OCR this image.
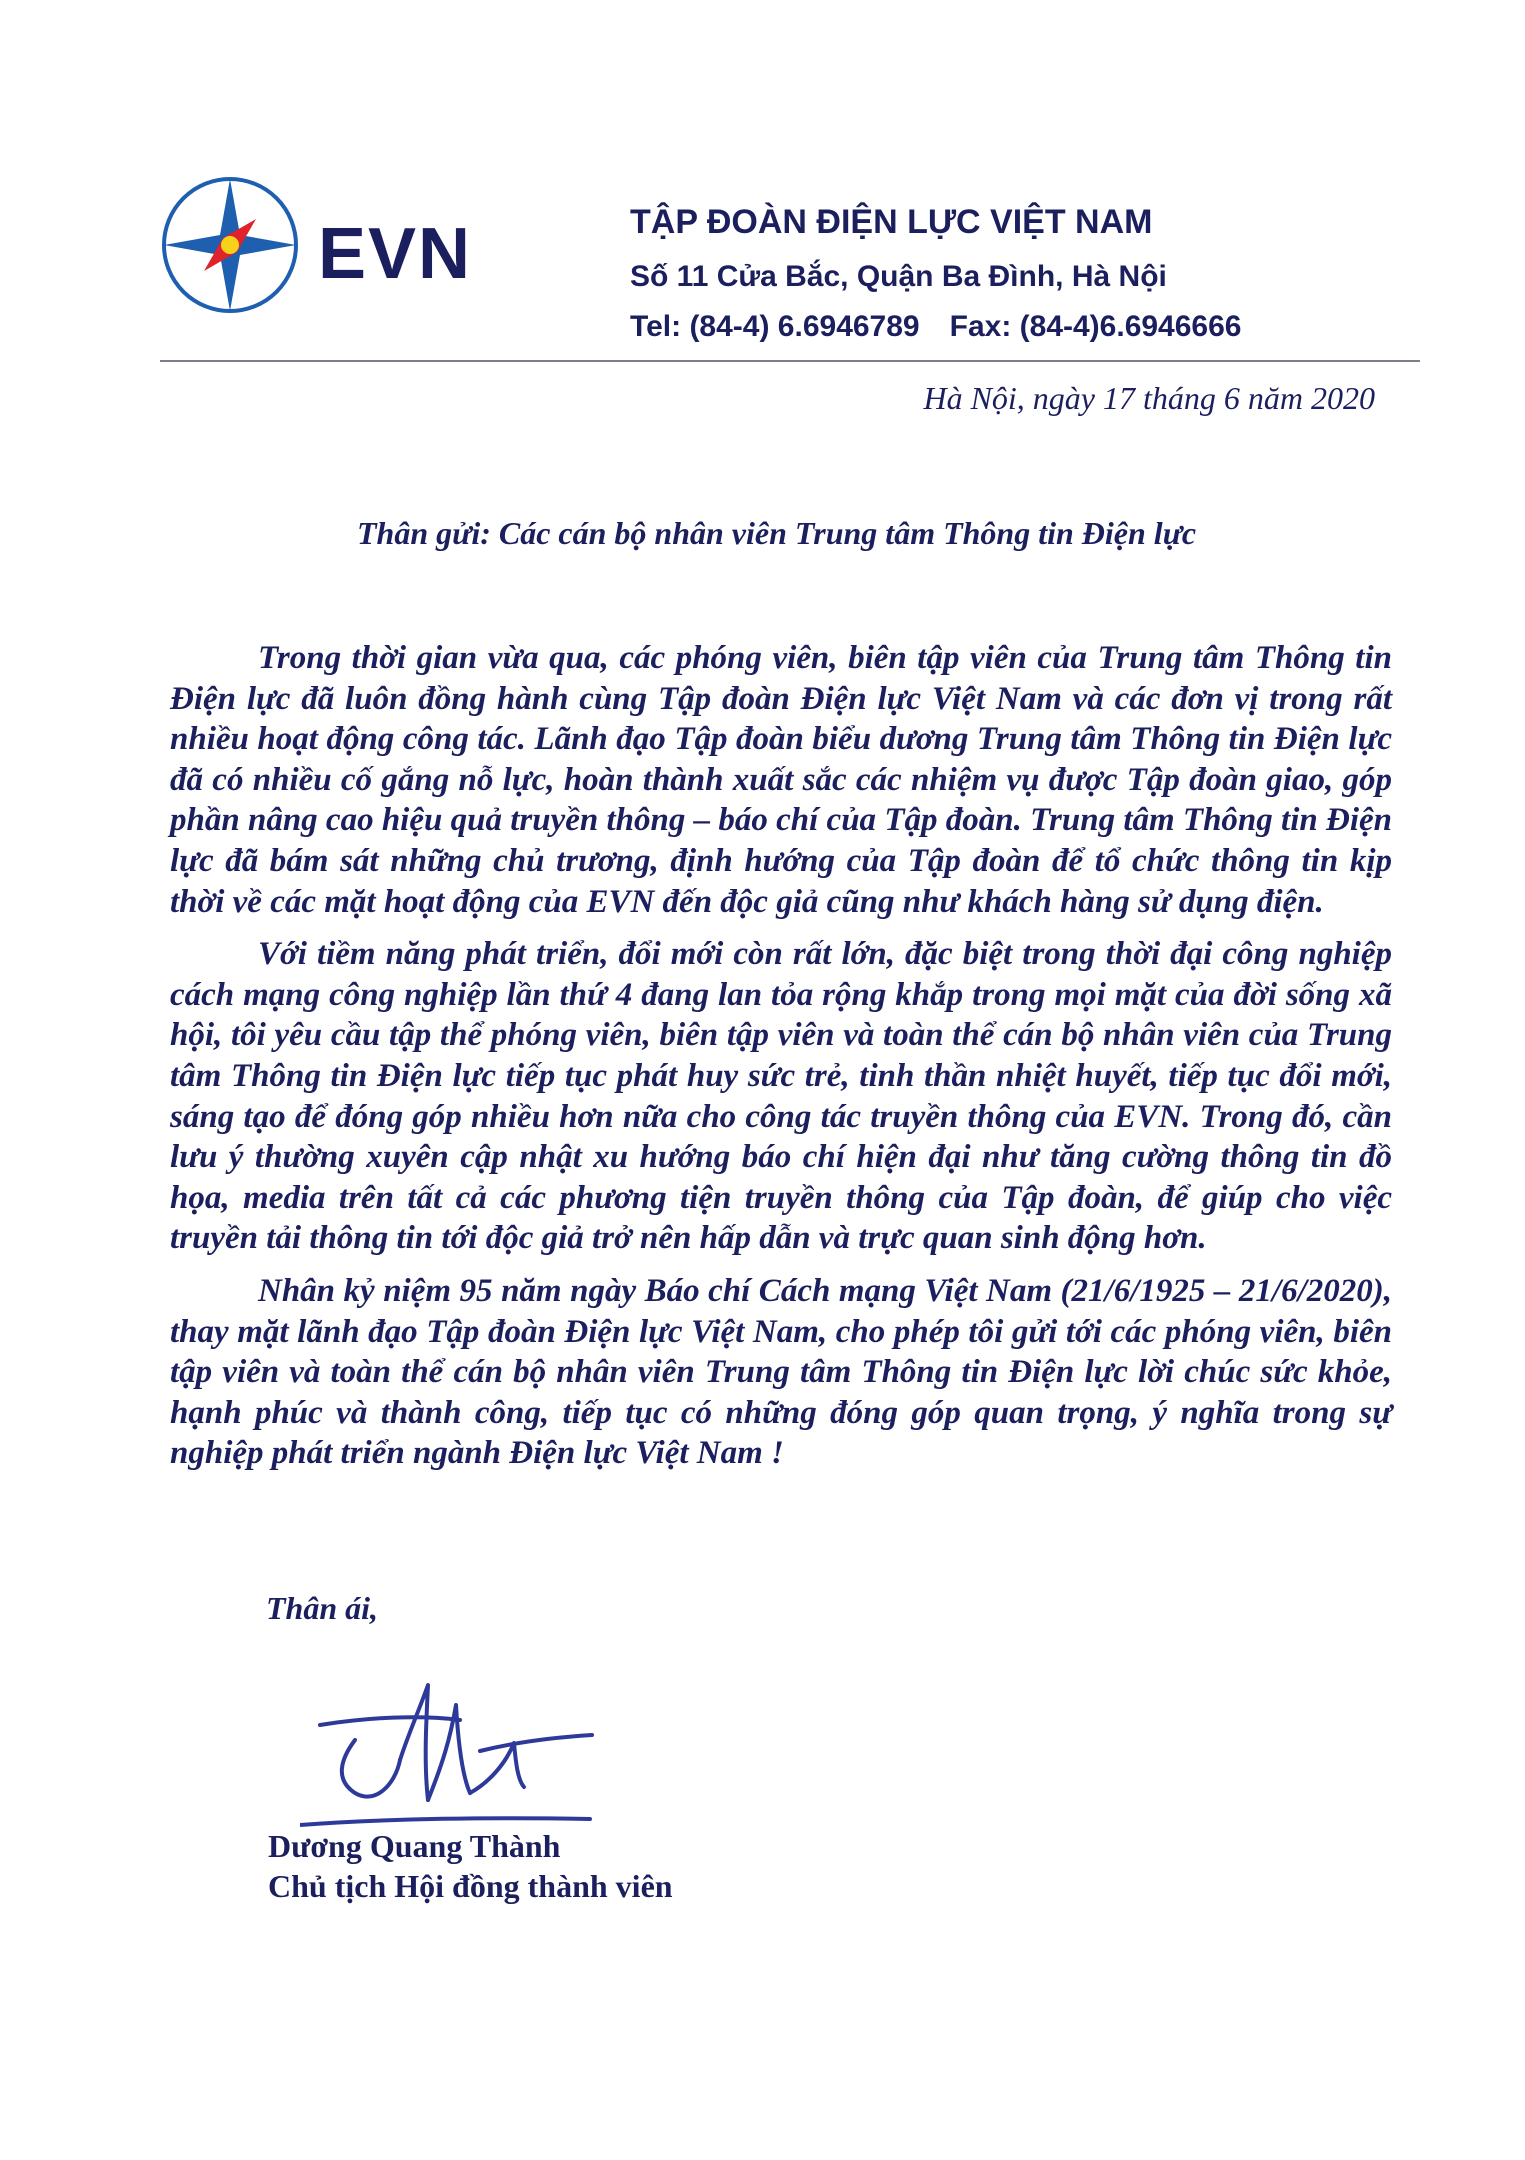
EVN	TẬP ĐOÀN ĐIỆN LỰC VIỆT NAM
Số 11 Cửa Bắc, Quận Ba Đình, Hà Nội
Tel: (84-4) 6.6946789 Fax: (84-4)6.6946666
Hà Nội, ngày 17 tháng 6 năm 2020
Thân gửi: Các cán bộ nhân viên Trung tâm Thông tin Điện lực

Trong thời gian vừa qua, các phóng viên, biên tập viên của Trung tâm Thông tin Điện lực đã luôn đồng hành cùng Tập đoàn Điện lực Việt Nam và các đơn vị trong rất nhiều hoạt động công tác. Lãnh đạo Tập đoàn biểu dương Trung tâm Thông tin Điện lực đã có nhiều cố gắng nỗ lực, hoàn thành xuất sắc các nhiệm vụ được Tập đoàn giao, góp phần nâng cao hiệu quả truyền thông – báo chí của Tập đoàn. Trung tâm Thông tin Điện lực đã bám sát những chủ trương, định hướng của Tập đoàn để tổ chức thông tin kịp thời về các mặt hoạt động của EVN đến độc giả cũng như khách hàng sử dụng điện.

Với tiềm năng phát triển, đổi mới còn rất lớn, đặc biệt trong thời đại công nghiệp cách mạng công nghiệp lần thứ 4 đang lan tỏa rộng khắp trong mọi mặt của đời sống xã hội, tôi yêu cầu tập thể phóng viên, biên tập viên và toàn thể cán bộ nhân viên của Trung tâm Thông tin Điện lực tiếp tục phát huy sức trẻ, tinh thần nhiệt huyết, tiếp tục đổi mới, sáng tạo để đóng góp nhiều hơn nữa cho công tác truyền thông của EVN. Trong đó, cần lưu ý thường xuyên cập nhật xu hướng báo chí hiện đại như tăng cường thông tin đồ họa, media trên tất cả các phương tiện truyền thông của Tập đoàn, để giúp cho việc truyền tải thông tin tới độc giả trở nên hấp dẫn và trực quan sinh động hơn.

Nhân kỷ niệm 95 năm ngày Báo chí Cách mạng Việt Nam (21/6/1925 – 21/6/2020), thay mặt lãnh đạo Tập đoàn Điện lực Việt Nam, cho phép tôi gửi tới các phóng viên, biên tập viên và toàn thể cán bộ nhân viên Trung tâm Thông tin Điện lực lời chúc sức khỏe, hạnh phúc và thành công, tiếp tục có những đóng góp quan trọng, ý nghĩa trong sự nghiệp phát triển ngành Điện lực Việt Nam !

Thân ái,
Dương Quang Thành
Chủ tịch Hội đồng thành viên
